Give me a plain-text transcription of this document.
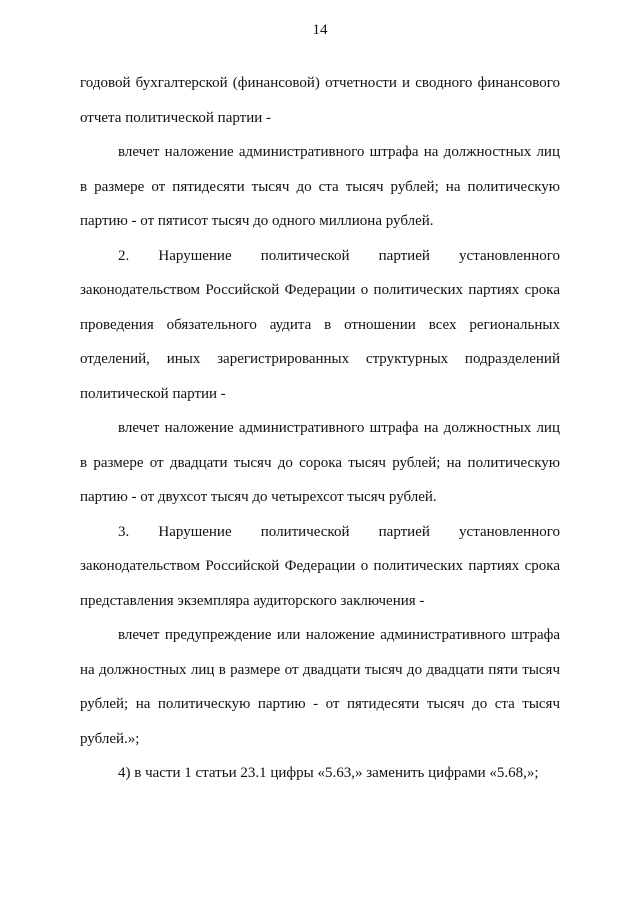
14

годовой бухгалтерской (финансовой) отчетности и сводного финансового отчета политической партии -

влечет наложение административного штрафа на должностных лиц в размере от пятидесяти тысяч до ста тысяч рублей; на политическую партию - от пятисот тысяч до одного миллиона рублей.

2. Нарушение политической партией установленного законодательством Российской Федерации о политических партиях срока проведения обязательного аудита в отношении всех региональных отделений, иных зарегистрированных структурных подразделений политической партии -

влечет наложение административного штрафа на должностных лиц в размере от двадцати тысяч до сорока тысяч рублей; на политическую партию - от двухсот тысяч до четырехсот тысяч рублей.

3. Нарушение политической партией установленного законодательством Российской Федерации о политических партиях срока представления экземпляра аудиторского заключения -

влечет предупреждение или наложение административного штрафа на должностных лиц в размере от двадцати тысяч до двадцати пяти тысяч рублей; на политическую партию - от пятидесяти тысяч до ста тысяч рублей.»;

4) в части 1 статьи 23.1 цифры «5.63,» заменить цифрами «5.68,»;
